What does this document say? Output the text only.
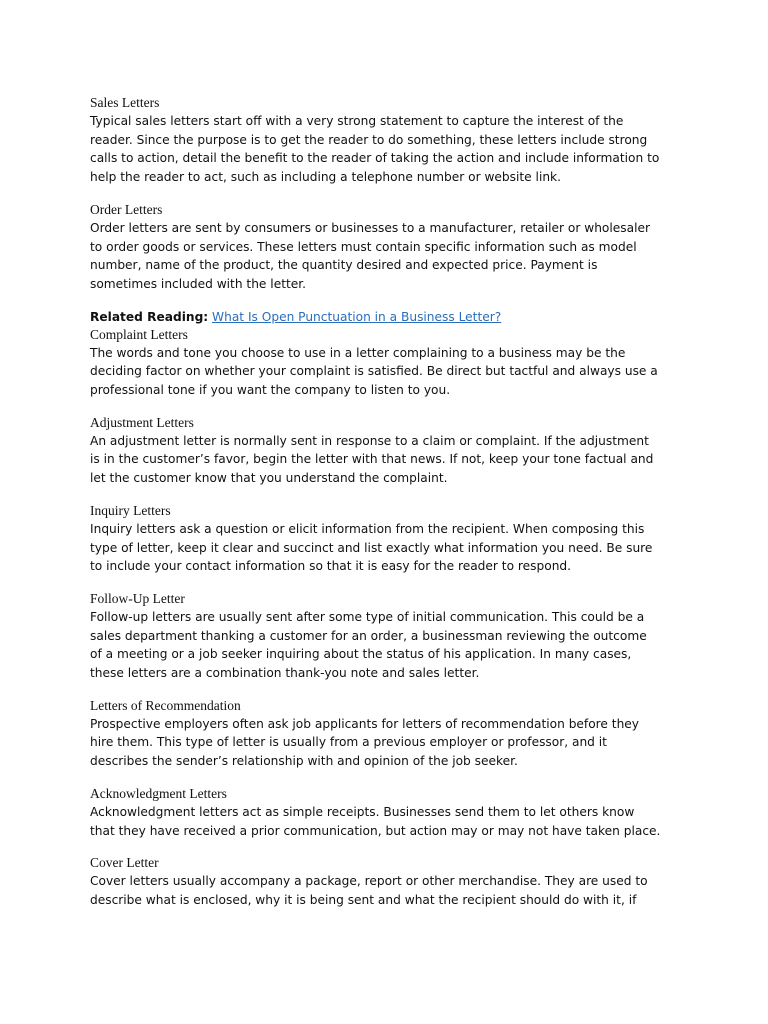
Sales Letters

Typical sales letters start off with a very strong statement to capture the interest of the

reader. Since the purpose is to get the reader to do something, these letters include strong

calls to action, detail the benefit to the reader of taking the action and include information to

help the reader to act, such as including a telephone number or website link.

Order Letters

Order letters are sent by consumers or businesses to a manufacturer, retailer or wholesaler

to order goods or services. These letters must contain specific information such as model

number, name of the product, the quantity desired and expected price. Payment is

sometimes included with the letter.

Related Reading: What Is Open Punctuation in a Business Letter?

Complaint Letters

The words and tone you choose to use in a letter complaining to a business may be the

deciding factor on whether your complaint is satisfied. Be direct but tactful and always use a

professional tone if you want the company to listen to you.

Adjustment Letters

An adjustment letter is normally sent in response to a claim or complaint. If the adjustment

is in the customer’s favor, begin the letter with that news. If not, keep your tone factual and

let the customer know that you understand the complaint.

Inquiry Letters

Inquiry letters ask a question or elicit information from the recipient. When composing this

type of letter, keep it clear and succinct and list exactly what information you need. Be sure

to include your contact information so that it is easy for the reader to respond.

Follow-Up Letter

Follow-up letters are usually sent after some type of initial communication. This could be a

sales department thanking a customer for an order, a businessman reviewing the outcome

of a meeting or a job seeker inquiring about the status of his application. In many cases,

these letters are a combination thank-you note and sales letter.

Letters of Recommendation

Prospective employers often ask job applicants for letters of recommendation before they

hire them. This type of letter is usually from a previous employer or professor, and it

describes the sender’s relationship with and opinion of the job seeker.

Acknowledgment Letters

Acknowledgment letters act as simple receipts. Businesses send them to let others know

that they have received a prior communication, but action may or may not have taken place.

Cover Letter

Cover letters usually accompany a package, report or other merchandise. They are used to

describe what is enclosed, why it is being sent and what the recipient should do with it, if
